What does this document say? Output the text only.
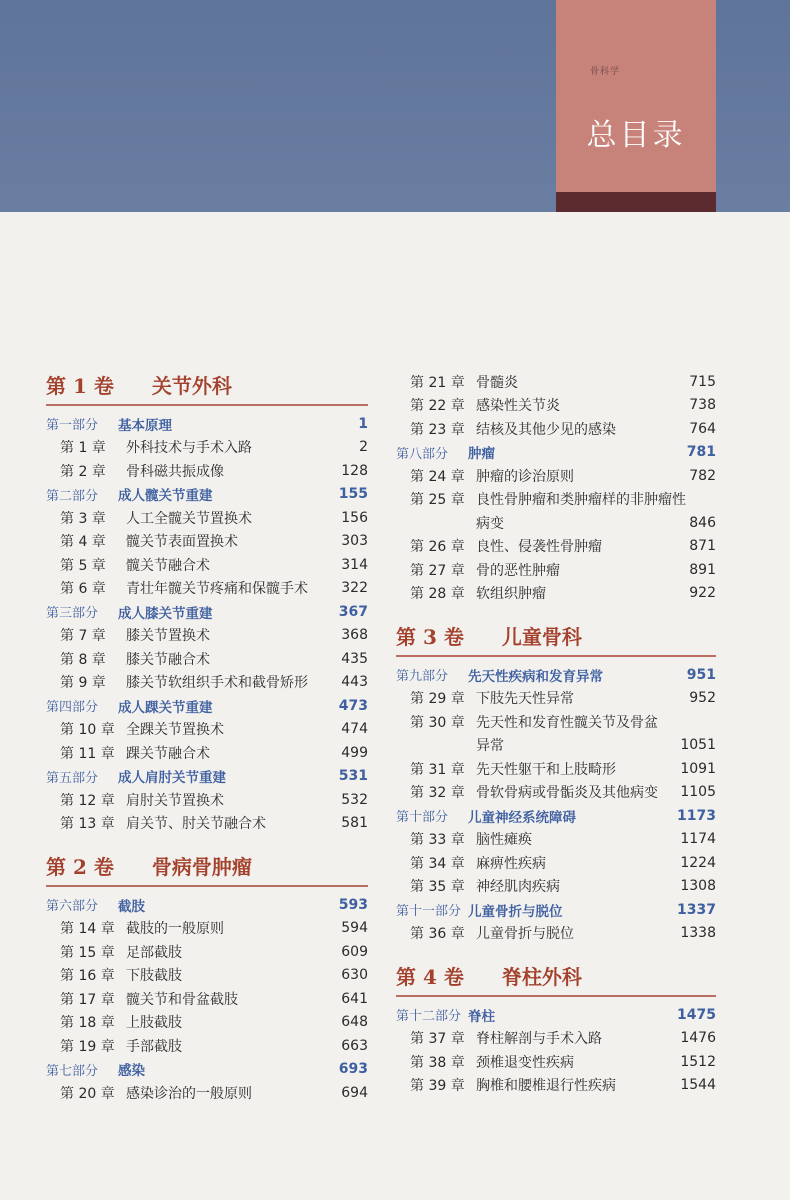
骨科学
总目录
第 1 卷 关节外科
第一部分	基本原理	1
第 1 章	外科技术与手术入路	2
第 2 章	骨科磁共振成像	128
第二部分	成人髋关节重建	155
第 3 章	人工全髋关节置换术	156
第 4 章	髋关节表面置换术	303
第 5 章	髋关节融合术	314
第 6 章	青壮年髋关节疼痛和保髋手术	322
第三部分	成人膝关节重建	367
第 7 章	膝关节置换术	368
第 8 章	膝关节融合术	435
第 9 章	膝关节软组织手术和截骨矫形	443
第四部分	成人踝关节重建	473
第 10 章 全踝关节置换术	474
第 11 章 踝关节融合术	499
第五部分	成人肩肘关节重建	531
第 12 章 肩肘关节置换术	532
第 13 章 肩关节、肘关节融合术	581
第 2 卷 骨病骨肿瘤
第六部分	截肢	593
第 14 章 截肢的一般原则	594
第 15 章 足部截肢	609
第 16 章 下肢截肢	630
第 17 章 髋关节和骨盆截肢	641
第 18 章 上肢截肢	648
第 19 章 手部截肢	663
第七部分	感染	693
第 20 章 感染诊治的一般原则	694
第 21 章 骨髓炎	715
第 22 章 感染性关节炎	738
第 23 章 结核及其他少见的感染	764
第八部分	肿瘤	781
第 24 章 肿瘤的诊治原则	782
第 25 章 良性骨肿瘤和类肿瘤样的非肿瘤性
病变	846
第 26 章 良性、侵袭性骨肿瘤	871
第 27 章 骨的恶性肿瘤	891
第 28 章 软组织肿瘤	922
第 3 卷 儿童骨科
第九部分	先天性疾病和发育异常	951
第 29 章 下肢先天性异常	952
第 30 章 先天性和发育性髋关节及骨盆
异常	1051
第 31 章 先天性躯干和上肢畸形	1091
第 32 章 骨软骨病或骨骺炎及其他病变	1105
第十部分	儿童神经系统障碍	1173
第 33 章 脑性瘫痪	1174
第 34 章 麻痹性疾病	1224
第 35 章 神经肌肉疾病	1308
第十一部分 儿童骨折与脱位	1337
第 36 章 儿童骨折与脱位	1338
第 4 卷 脊柱外科
第十二部分 脊柱	1475
第 37 章 脊柱解剖与手术入路	1476
第 38 章 颈椎退变性疾病	1512
第 39 章 胸椎和腰椎退行性疾病	1544
